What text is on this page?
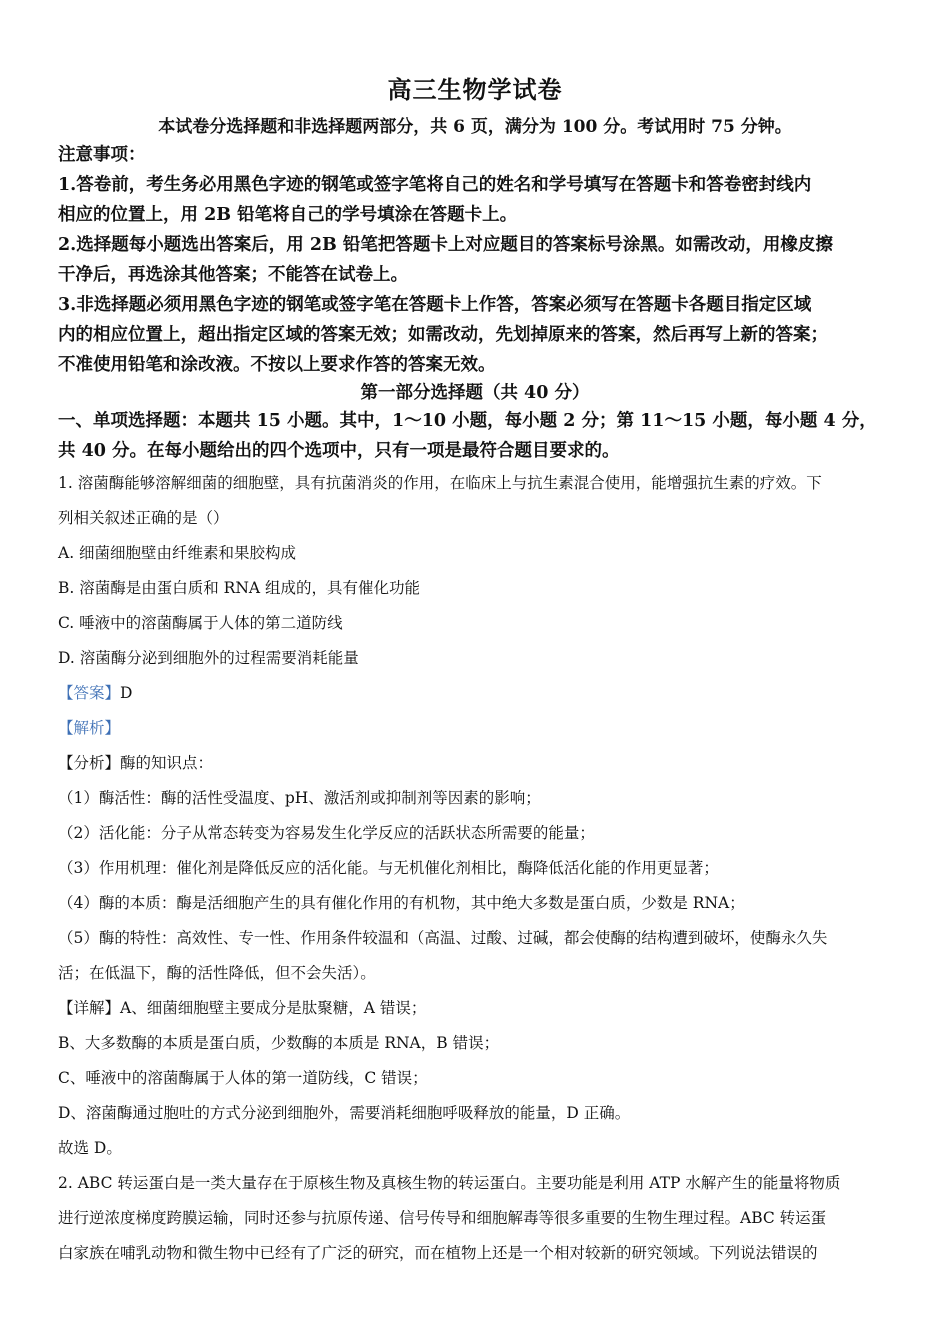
高三生物学试卷
本试卷分选择题和非选择题两部分，共 6 页，满分为 100 分。考试用时 75 分钟。
注意事项：
1.答卷前，考生务必用黑色字迹的钢笔或签字笔将自己的姓名和学号填写在答题卡和答卷密封线内
相应的位置上，用 2B 铅笔将自己的学号填涂在答题卡上。
2.选择题每小题选出答案后，用 2B 铅笔把答题卡上对应题目的答案标号涂黑。如需改动，用橡皮擦
干净后，再选涂其他答案；不能答在试卷上。
3.非选择题必须用黑色字迹的钢笔或签字笔在答题卡上作答，答案必须写在答题卡各题目指定区域
内的相应位置上，超出指定区域的答案无效；如需改动，先划掉原来的答案，然后再写上新的答案；
不准使用铅笔和涂改液。不按以上要求作答的答案无效。
第一部分选择题（共 40 分）
一、单项选择题：本题共 15 小题。其中，1～10 小题，每小题 2 分；第 11～15 小题，每小题 4 分，
共 40 分。在每小题给出的四个选项中，只有一项是最符合题目要求的。
1. 溶菌酶能够溶解细菌的细胞壁，具有抗菌消炎的作用，在临床上与抗生素混合使用，能增强抗生素的疗效。下
列相关叙述正确的是（）
A. 细菌细胞壁由纤维素和果胶构成
B. 溶菌酶是由蛋白质和 RNA 组成的，具有催化功能
C. 唾液中的溶菌酶属于人体的第二道防线
D. 溶菌酶分泌到细胞外的过程需要消耗能量
【答案】D
【解析】
【分析】酶的知识点：
（1）酶活性：酶的活性受温度、pH、激活剂或抑制剂等因素的影响；
（2）活化能：分子从常态转变为容易发生化学反应的活跃状态所需要的能量；
（3）作用机理：催化剂是降低反应的活化能。与无机催化剂相比，酶降低活化能的作用更显著；
（4）酶的本质：酶是活细胞产生的具有催化作用的有机物，其中绝大多数是蛋白质，少数是 RNA；
（5）酶的特性：高效性、专一性、作用条件较温和（高温、过酸、过碱，都会使酶的结构遭到破坏，使酶永久失
活；在低温下，酶的活性降低，但不会失活）。
【详解】A、细菌细胞壁主要成分是肽聚糖，A 错误；
B、大多数酶的本质是蛋白质，少数酶的本质是 RNA，B 错误；
C、唾液中的溶菌酶属于人体的第一道防线，C 错误；
D、溶菌酶通过胞吐的方式分泌到细胞外，需要消耗细胞呼吸释放的能量，D 正确。
故选 D。
2. ABC 转运蛋白是一类大量存在于原核生物及真核生物的转运蛋白。主要功能是利用 ATP 水解产生的能量将物质
进行逆浓度梯度跨膜运输，同时还参与抗原传递、信号传导和细胞解毒等很多重要的生物生理过程。ABC 转运蛋
白家族在哺乳动物和微生物中已经有了广泛的研究，而在植物上还是一个相对较新的研究领域。下列说法错误的
